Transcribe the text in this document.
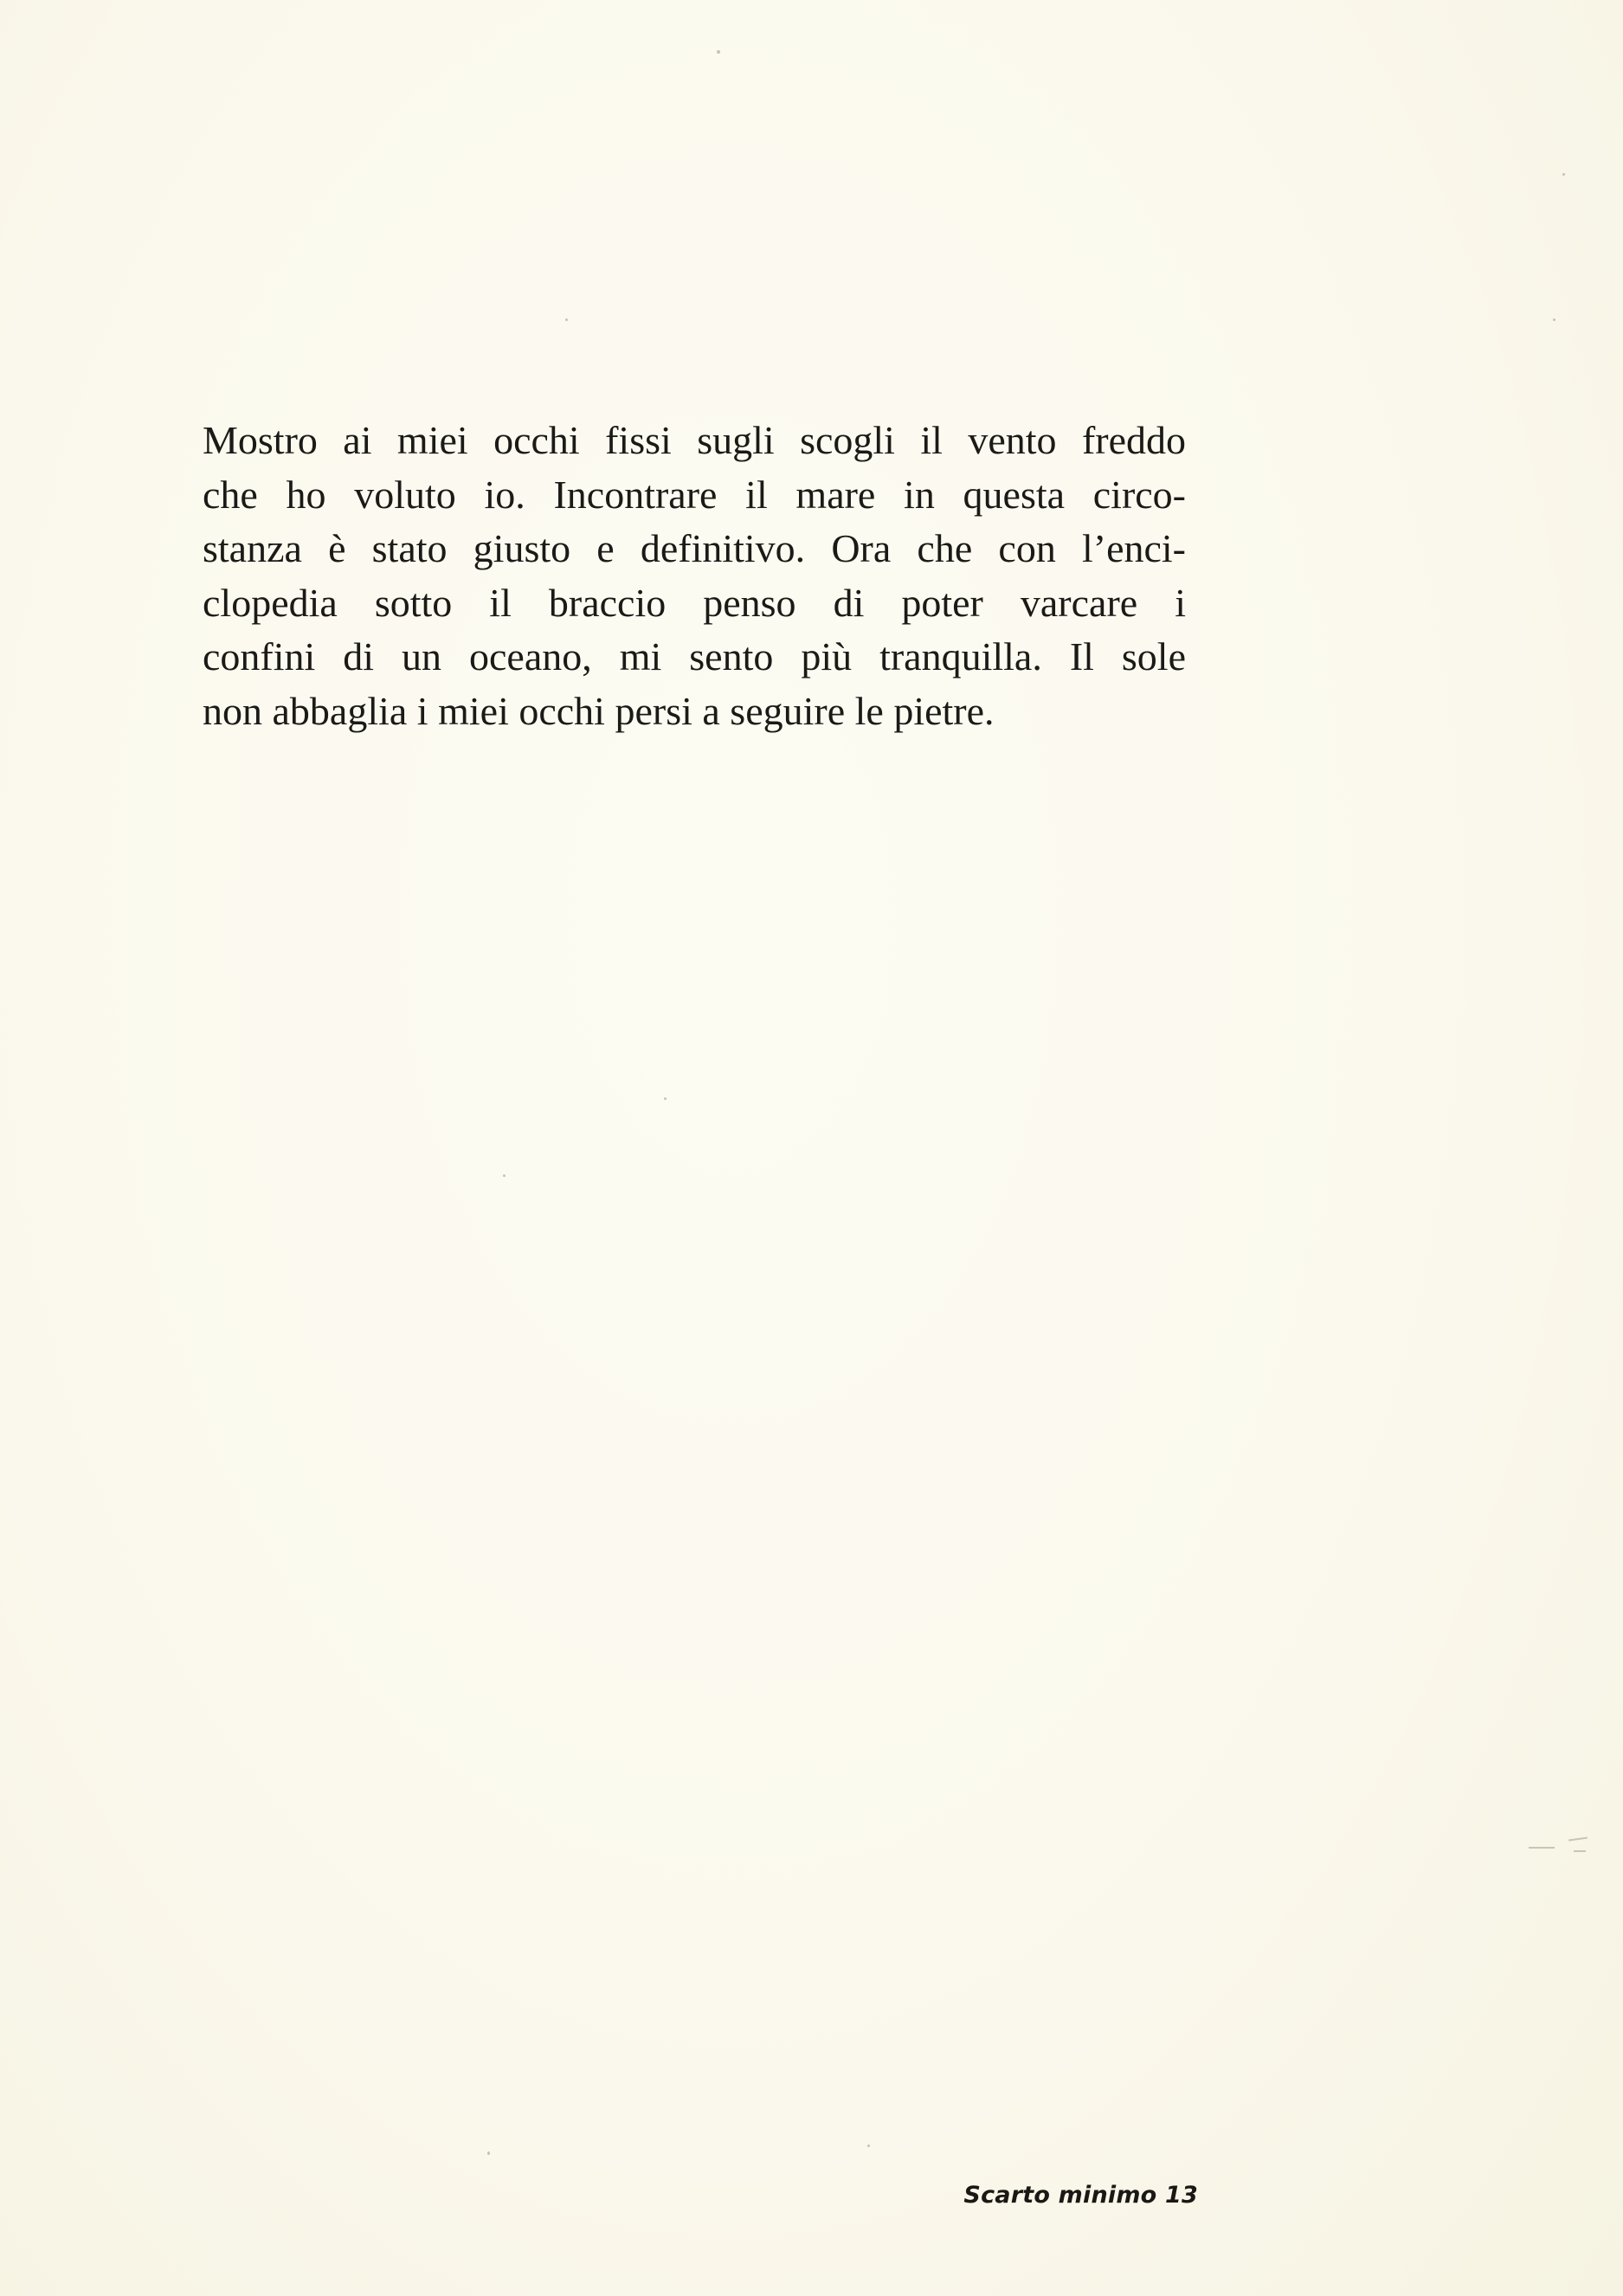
Mostro ai miei occhi fissi sugli scogli il vento freddo
che ho voluto io. Incontrare il mare in questa circo-
stanza è stato giusto e definitivo. Ora che con l’enci-
clopedia sotto il braccio penso di poter varcare i
confini di un oceano, mi sento più tranquilla. Il sole
non abbaglia i miei occhi persi a seguire le pietre.
Scarto minimo 13
